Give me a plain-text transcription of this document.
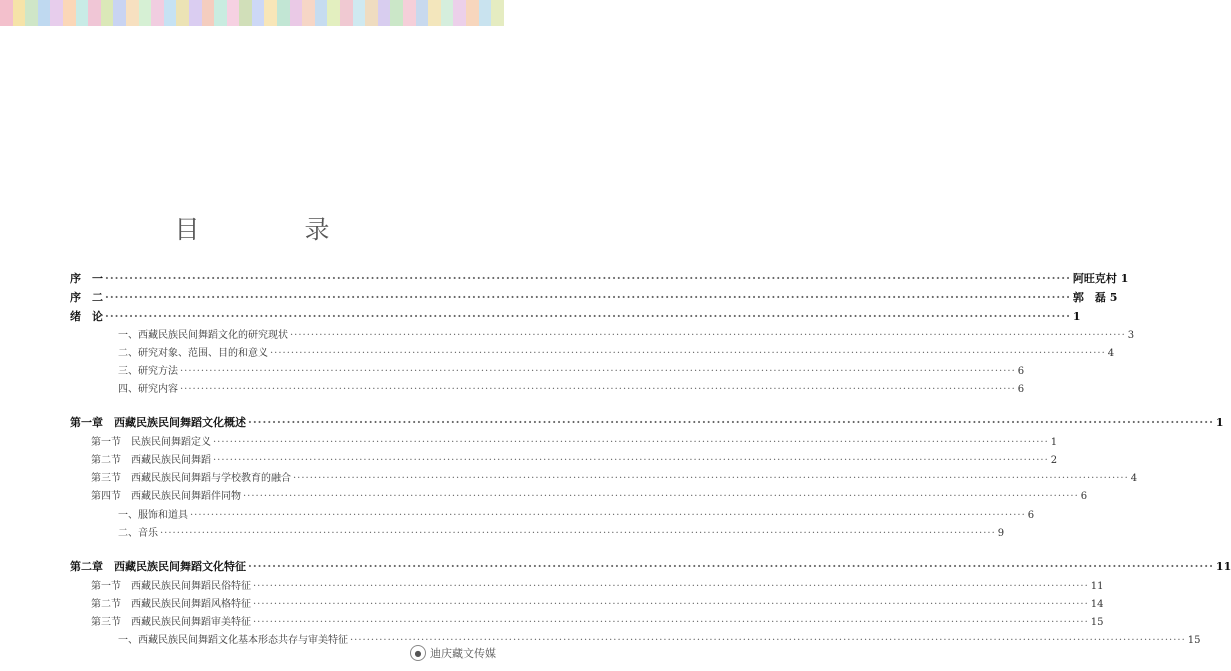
目　录
序　一 ········································································································································································································ 阿旺克村 1
序　二 ········································································································································································································ 郭　磊 5
绪　论 ········································································································································································································ 1
一、西藏民族民间舞蹈文化的研究现状 ········································································································································································································ 3
二、研究对象、范围、目的和意义 ········································································································································································································ 4
三、研究方法 ········································································································································································································ 6
四、研究内容 ········································································································································································································ 6
第一章　西藏民族民间舞蹈文化概述 ········································································································································································································ 1
第一节　民族民间舞蹈定义 ········································································································································································································ 1
第二节　西藏民族民间舞蹈 ········································································································································································································ 2
第三节　西藏民族民间舞蹈与学校教育的融合 ········································································································································································································ 4
第四节　西藏民族民间舞蹈伴同物 ········································································································································································································ 6
一、服饰和道具 ········································································································································································································ 6
二、音乐 ········································································································································································································ 9
第二章　西藏民族民间舞蹈文化特征 ········································································································································································································ 11
第一节　西藏民族民间舞蹈民俗特征 ········································································································································································································ 11
第二节　西藏民族民间舞蹈风格特征 ········································································································································································································ 14
第三节　西藏民族民间舞蹈审美特征 ········································································································································································································ 15
一、西藏民族民间舞蹈文化基本形态共存与审美特征 ········································································································································································································ 15
● 迪庆藏文传媒
